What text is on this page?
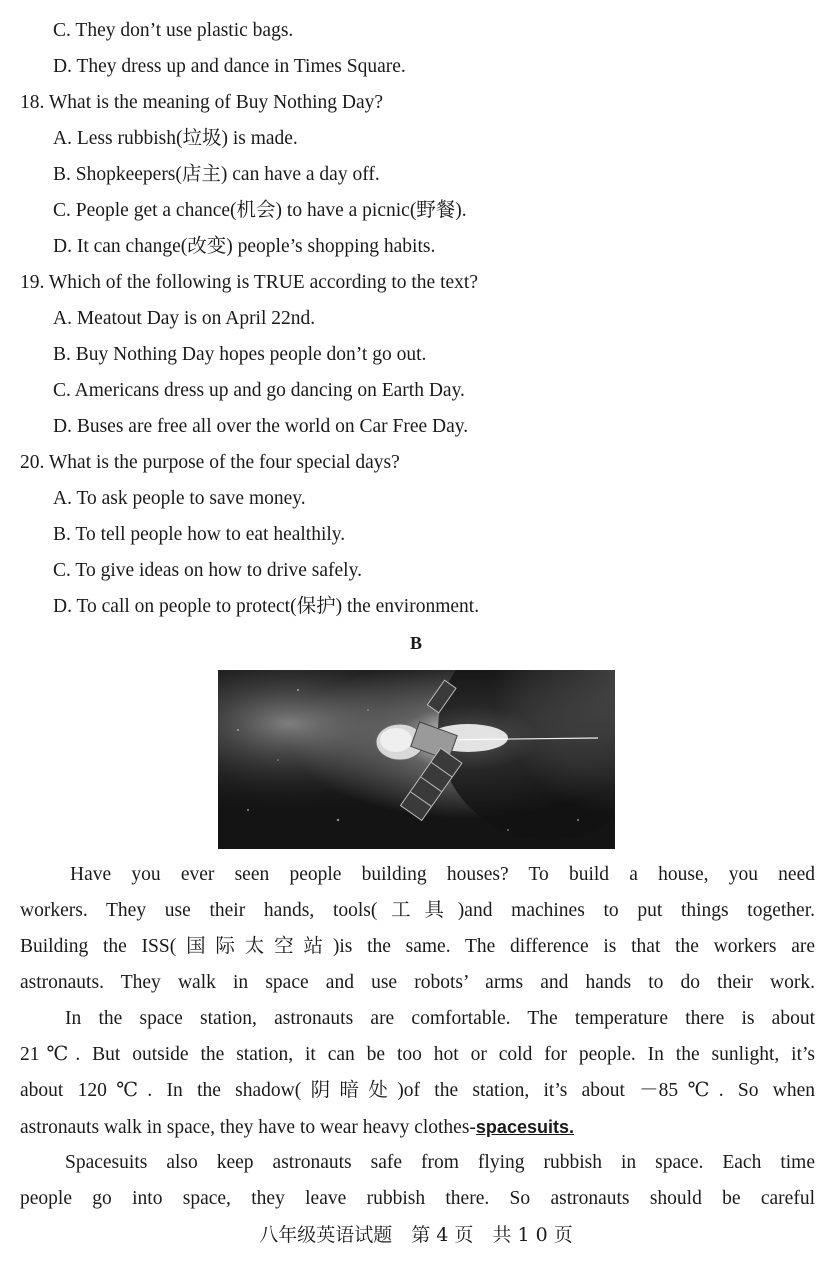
C. They don’t use plastic bags.
D. They dress up and dance in Times Square.
18. What is the meaning of Buy Nothing Day?
A. Less rubbish(垃圾) is made.
B. Shopkeepers(店主) can have a day off.
C. People get a chance(机会) to have a picnic(野餐).
D. It can change(改变) people’s shopping habits.
19. Which of the following is TRUE according to the text?
A. Meatout Day is on April 22nd.
B. Buy Nothing Day hopes people don’t go out.
C. Americans dress up and go dancing on Earth Day.
D. Buses are free all over the world on Car Free Day.
20. What is the purpose of the four special days?
A. To ask people to save money.
B. To tell people how to eat healthily.
C. To give ideas on how to drive safely.
D. To call on people to protect(保护) the environment.
B
Have you ever seen people building houses? To build a house, you need
workers. They use their hands, tools(工具)and machines to put things together.
Building the ISS(国际太空站)is the same. The difference is that the workers are
astronauts. They walk in space and use robots’ arms and hands to do their work.
In the space station, astronauts are comfortable. The temperature there is about
21℃. But outside the station, it can be too hot or cold for people. In the sunlight, it’s
about 120℃. In the shadow(阴暗处)of the station, it’s about －85℃. So when
astronauts walk in space, they have to wear heavy clothes-spacesuits.
Spacesuits also keep astronauts safe from flying rubbish in space. Each time
people go into space, they leave rubbish there. So astronauts should be careful
八年级英语试题　第 4 页　共 1 0 页
